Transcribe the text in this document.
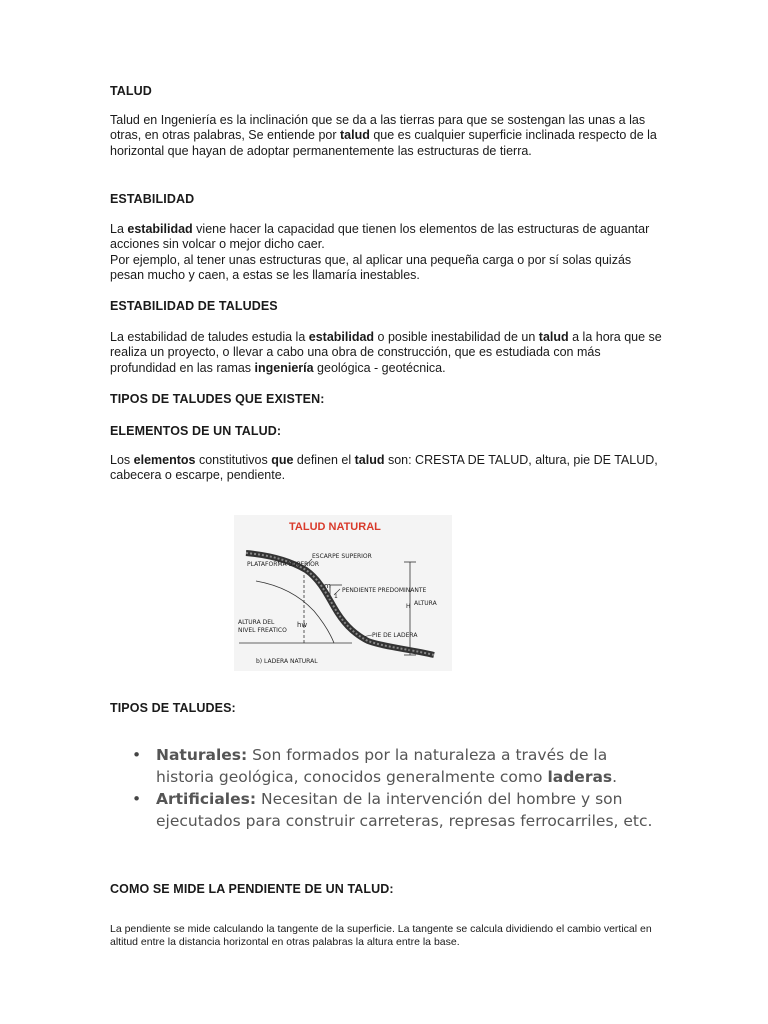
TALUD

Talud en Ingeniería es la inclinación que se da a las tierras para que se sostengan las unas a las otras, en otras palabras, Se entiende por talud que es cualquier superficie inclinada respecto de la horizontal que hayan de adoptar permanentemente las estructuras de tierra.

ESTABILIDAD

La estabilidad viene hacer la capacidad que tienen los elementos de las estructuras de aguantar acciones sin volcar o mejor dicho caer.
Por ejemplo, al tener unas estructuras que, al aplicar una pequeña carga o por sí solas quizás pesan mucho y caen, a estas se les llamaría inestables.

ESTABILIDAD DE TALUDES

La estabilidad de taludes estudia la estabilidad o posible inestabilidad de un talud a la hora que se realiza un proyecto, o llevar a cabo una obra de construcción, que es estudiada con más profundidad en las ramas ingeniería geológica - geotécnica.

TIPOS DE TALUDES QUE EXISTEN:

ELEMENTOS DE UN TALUD:

Los elementos constitutivos que definen el talud son: CRESTA DE TALUD, altura, pie DE TALUD, cabecera o escarpe, pendiente.

TALUD NATURAL
ESCARPE SUPERIOR
PLATAFORMA SUPERIOR
PENDIENTE PREDOMINANTE
ALTURA
H
ALTURA DEL
NIVEL FREATICO
hw
m
1
PIE DE LADERA
b) LADERA NATURAL

TIPOS DE TALUDES:

• Naturales: Son formados por la naturaleza a través de la historia geológica, conocidos generalmente como laderas.
• Artificiales: Necesitan de la intervención del hombre y son ejecutados para construir carreteras, represas ferrocarriles, etc.

COMO SE MIDE LA PENDIENTE DE UN TALUD:

La pendiente se mide calculando la tangente de la superficie. La tangente se calcula dividiendo el cambio vertical en altitud entre la distancia horizontal en otras palabras la altura entre la base.
